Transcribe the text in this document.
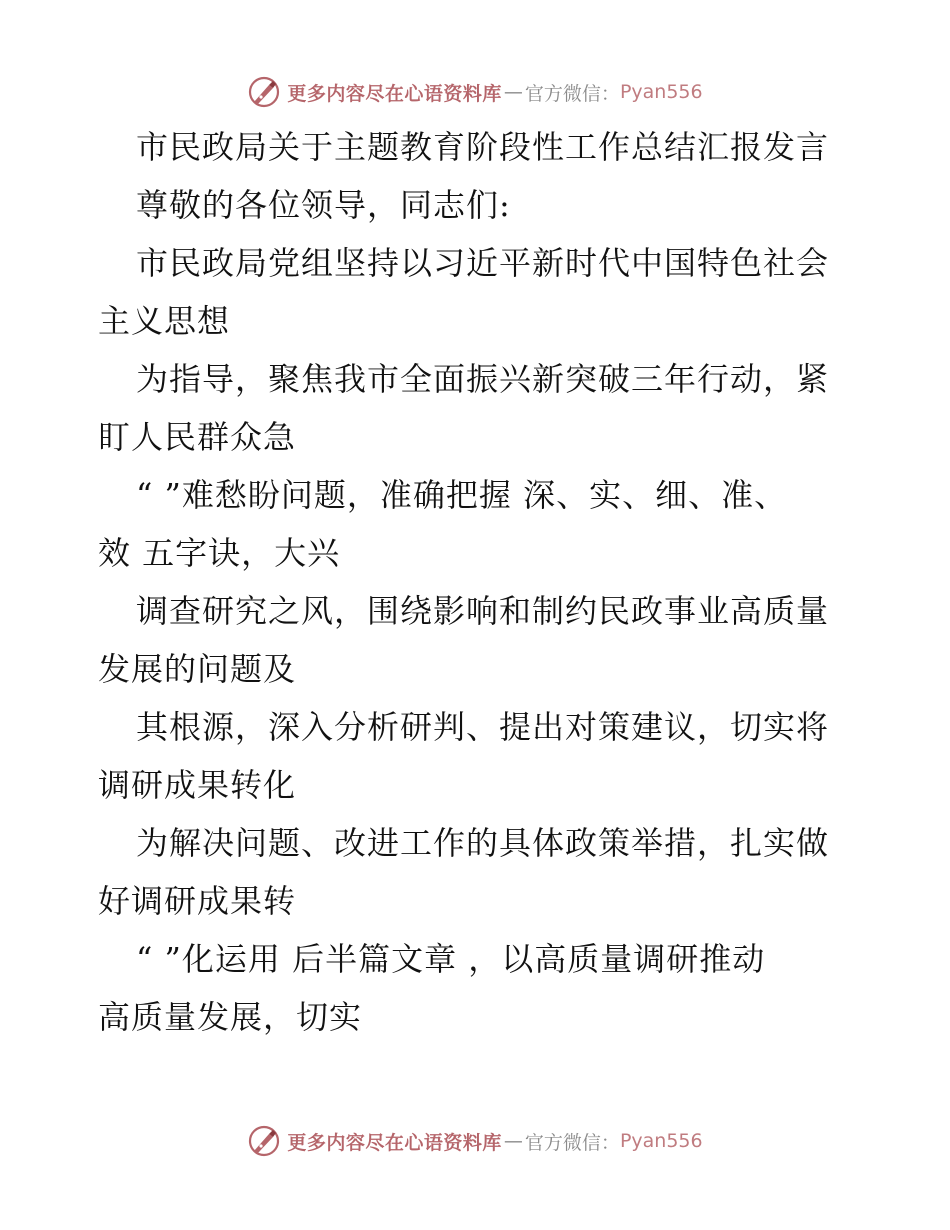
更多内容尽在心语资料库 — 官方微信： Pyan556
市民政局关于主题教育阶段性工作总结汇报发言
尊敬的各位领导，同志们:
市民政局党组坚持以习近平新时代中国特色社会
主义思想
为指导，聚焦我市全面振兴新突破三年行动，紧
盯人民群众急
“ ”难愁盼问题，准确把握 深、实、细、准、
效 五字诀，大兴
调查研究之风，围绕影响和制约民政事业高质量
发展的问题及
其根源，深入分析研判、提出对策建议，切实将
调研成果转化
为解决问题、改进工作的具体政策举措，扎实做
好调研成果转
“ ”化运用 后半篇文章 ，以高质量调研推动
高质量发展，切实
更多内容尽在心语资料库 — 官方微信： Pyan556
